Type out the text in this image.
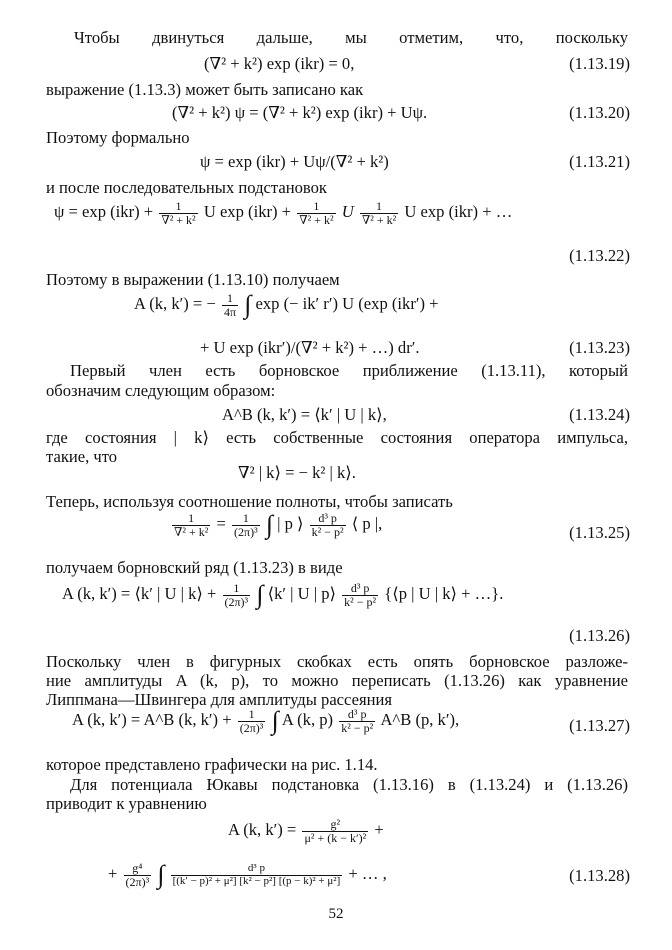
Чтобы двинуться дальше, мы отметим, что, поскольку
(∇² + k²) exp (ikr) = 0,	(1.13.19)
выражение (1.13.3) может быть записано как
(∇² + k²) ψ = (∇² + k²) exp (ikr) + Uψ.	(1.13.20)
Поэтому формально
ψ = exp (ikr) + Uψ/(∇² + k²)	(1.13.21)
и после последовательных подстановок
$\psi = \exp (ikr) + \frac{1}{\text{∇² + k²}}$ U $\exp (ikr) + \frac{1}{\text{∇² + k²}}$ U $\frac{1}{\text{∇² + k²}}$ U exp (ikr) + …
(1.13.22)
Поэтому в выражении (1.13.10) получаем
A (k, k′) = − $\frac{1}{4\pi}$ ∫ exp (− ik′ r′) U (exp (ikr′) +
+ U exp (ikr′)/(∇² + k²) + …) dr′.	(1.13.23)
Первый член есть борновское приближение (1.13.11), который
обозначим следующим образом:
A^B (k, k′) = ⟨k′ | U | k⟩,	(1.13.24)
где состояния | k⟩ есть собственные состояния оператора импульса,
такие, что
∇² | k⟩ = − k² | k⟩.
Теперь, используя соотношение полноты, чтобы записать
$\frac{1}{\text{∇² + k²}} = \frac{1}{\text{(2π)³}}$ ∫ | p ⟩ $\frac{\text{d³ p}}{\text{k² − p²}}$ ⟨ p |,	(1.13.25)
получаем борновский ряд (1.13.23) в виде
A (k, k′) = ⟨k′ | U | k⟩ + $\frac{1}{\text{(2π)³}}$ ∫ ⟨k′ | U | p⟩ $\frac{\text{d³ p}}{\text{k² − p²}}$ {⟨p | U | k⟩ + …}.
(1.13.26)
Поскольку член в фигурных скобках есть опять борновское разложе-
ние амплитуды A (k, p), то можно переписать (1.13.26) как уравнение
Липпмана—Швингера для амплитуды рассеяния
A (k, k′) = A^B (k, $k') + \frac{1}{\text{(2π)³}}$ ∫ A (k, $p) \frac{\text{d³ p}}{\text{k² − p²}}$ A^B (p, k′),	(1.13.27)
которое представлено графически на рис. 1.14.
Для потенциала Юкавы подстановка (1.13.16) в (1.13.24) и (1.13.26)
приводит к уравнению
A (k, $k') = \frac{\text{g²}}{\text{μ² + (k − k′)²}}$ +
+ $\frac{\text{g⁴}}{\text{(2π)³}}$ ∫ $\frac{\text{d³ p}}{\text{[(k′ − p)² + μ²] [k² − p²] [(p − k)² + μ²]}}$ + … ,	(1.13.28)
52
